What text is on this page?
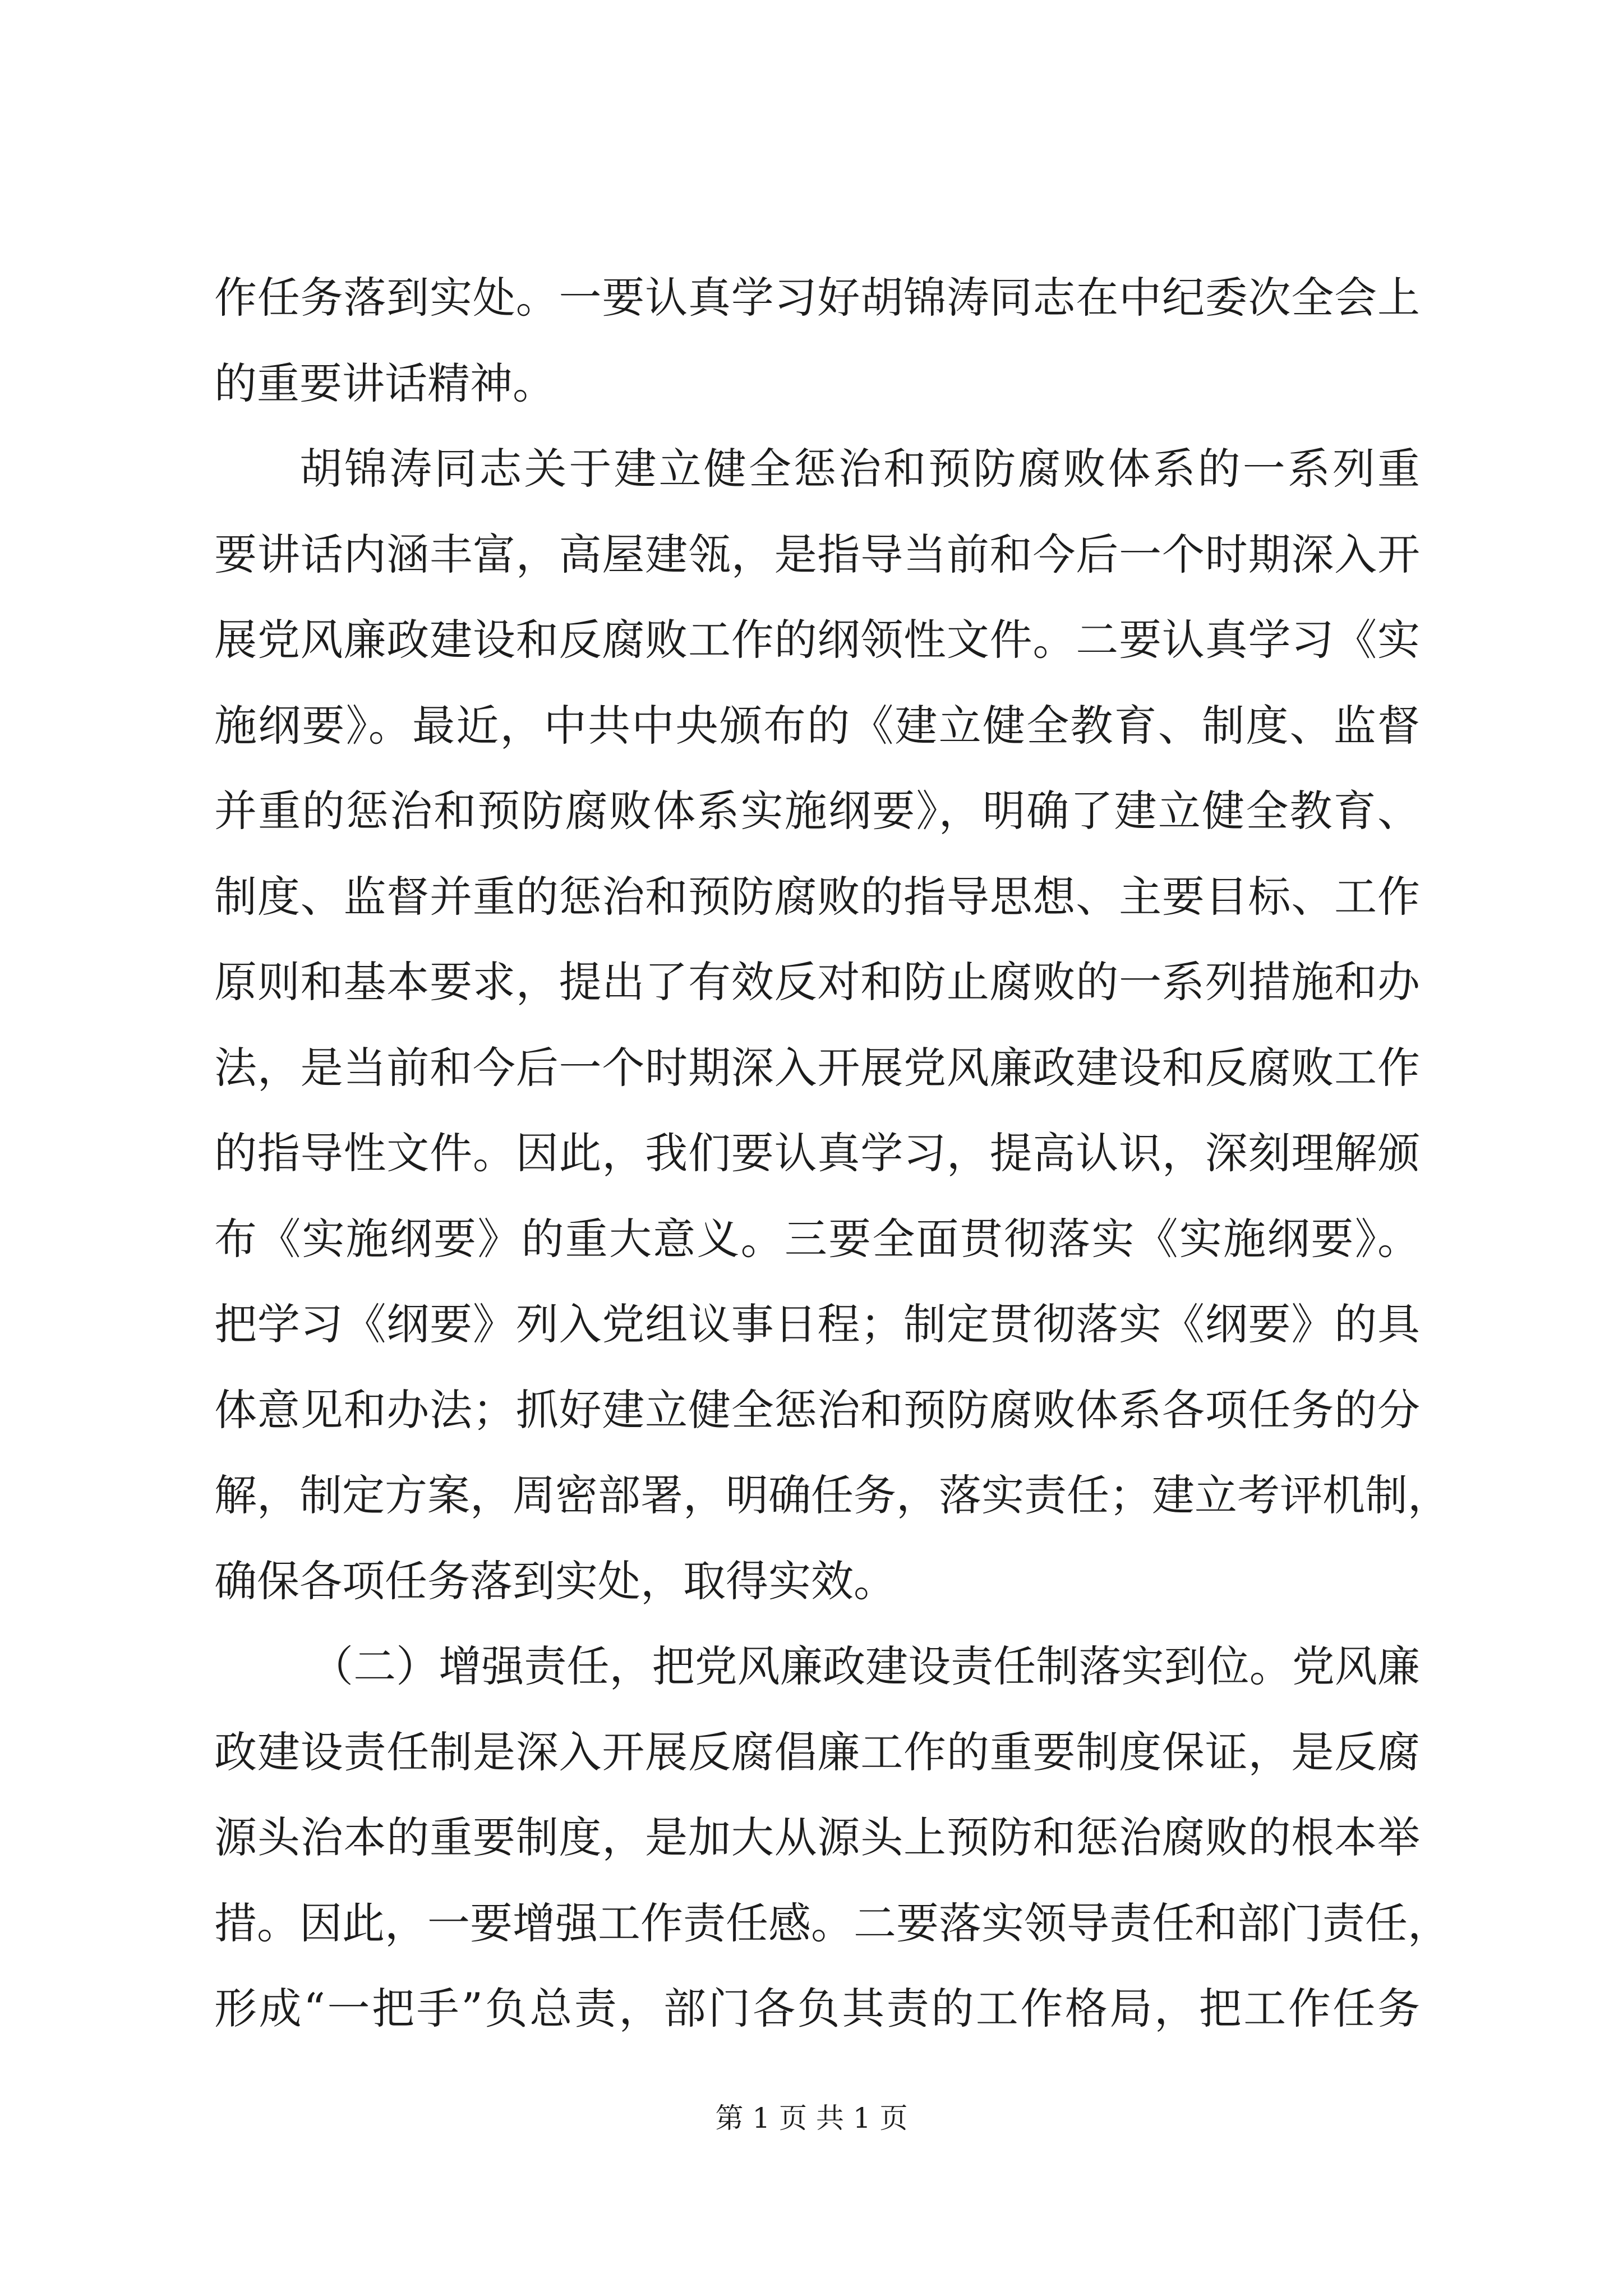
作任务落到实处。一要认真学习好胡锦涛同志在中纪委次全会上
的重要讲话精神。
胡锦涛同志关于建立健全惩治和预防腐败体系的一系列重
要讲话内涵丰富，高屋建瓴，是指导当前和今后一个时期深入开
展党风廉政建设和反腐败工作的纲领性文件。二要认真学习《实
施纲要》。最近，中共中央颁布的《建立健全教育、制度、监督
并重的惩治和预防腐败体系实施纲要》，明确了建立健全教育、
制度、监督并重的惩治和预防腐败的指导思想、主要目标、工作
原则和基本要求，提出了有效反对和防止腐败的一系列措施和办
法，是当前和今后一个时期深入开展党风廉政建设和反腐败工作
的指导性文件。因此，我们要认真学习，提高认识，深刻理解颁
布《实施纲要》的重大意义。三要全面贯彻落实《实施纲要》。
把学习《纲要》列入党组议事日程；制定贯彻落实《纲要》的具
体意见和办法；抓好建立健全惩治和预防腐败体系各项任务的分
解，制定方案，周密部署，明确任务，落实责任；建立考评机制，
确保各项任务落到实处，取得实效。
（二）增强责任，把党风廉政建设责任制落实到位。党风廉
政建设责任制是深入开展反腐倡廉工作的重要制度保证，是反腐
源头治本的重要制度，是加大从源头上预防和惩治腐败的根本举
措。因此，一要增强工作责任感。二要落实领导责任和部门责任，
形成“一把手”负总责，部门各负其责的工作格局，把工作任务
第 1 页 共 1 页
